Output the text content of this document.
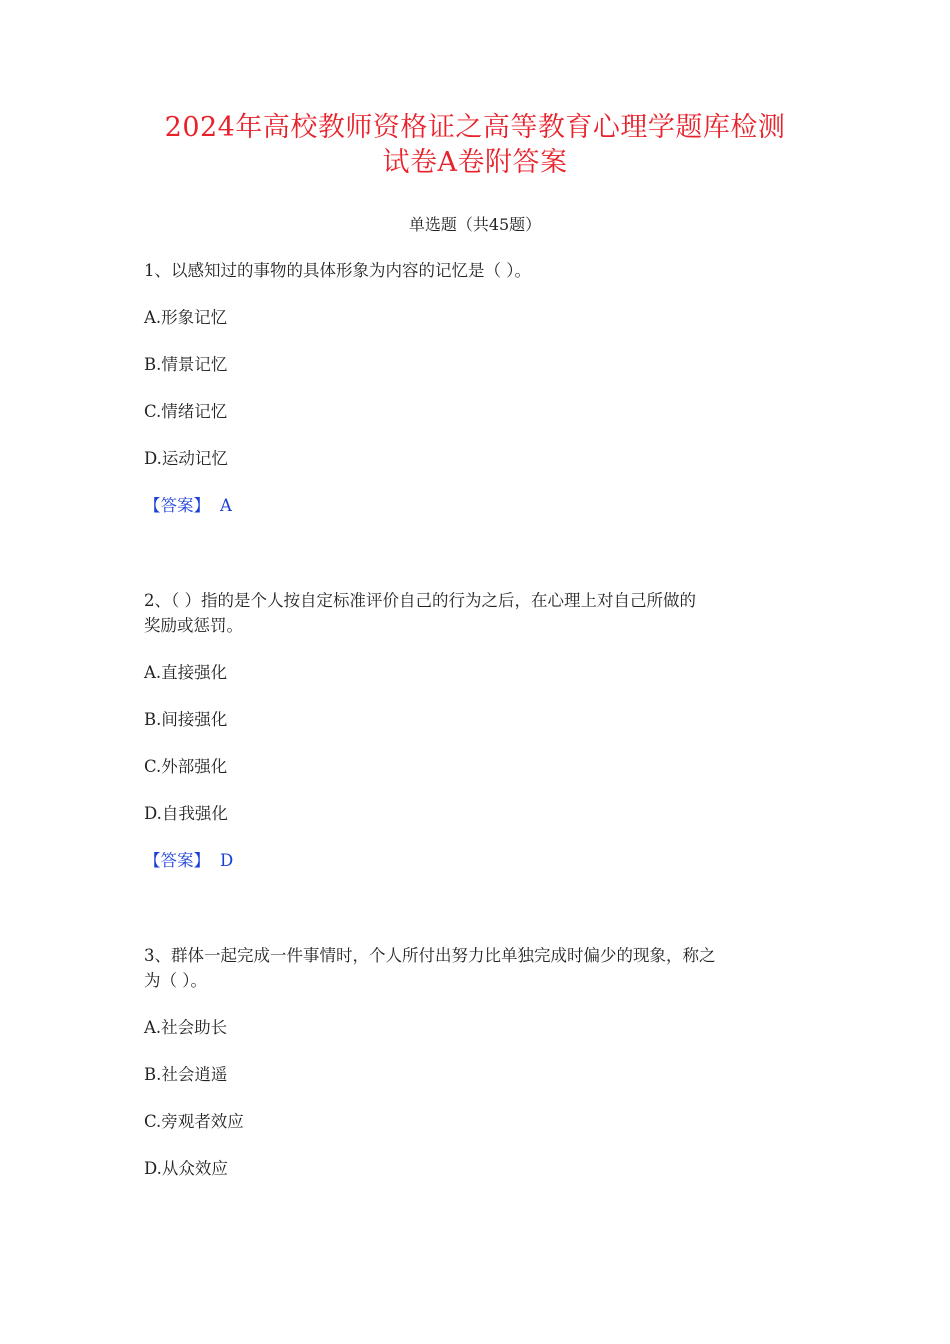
2024年高校教师资格证之高等教育心理学题库检测
试卷A卷附答案
单选题（共45题）
1、以感知过的事物的具体形象为内容的记忆是（ ）。
A.形象记忆
B.情景记忆
C.情绪记忆
D.运动记忆
【答案】 A
2、（ ）指的是个人按自定标准评价自己的行为之后，在心理上对自己所做的
奖励或惩罚。
A.直接强化
B.间接强化
C.外部强化
D.自我强化
【答案】 D
3、群体一起完成一件事情时，个人所付出努力比单独完成时偏少的现象，称之
为（ ）。
A.社会助长
B.社会逍遥
C.旁观者效应
D.从众效应
